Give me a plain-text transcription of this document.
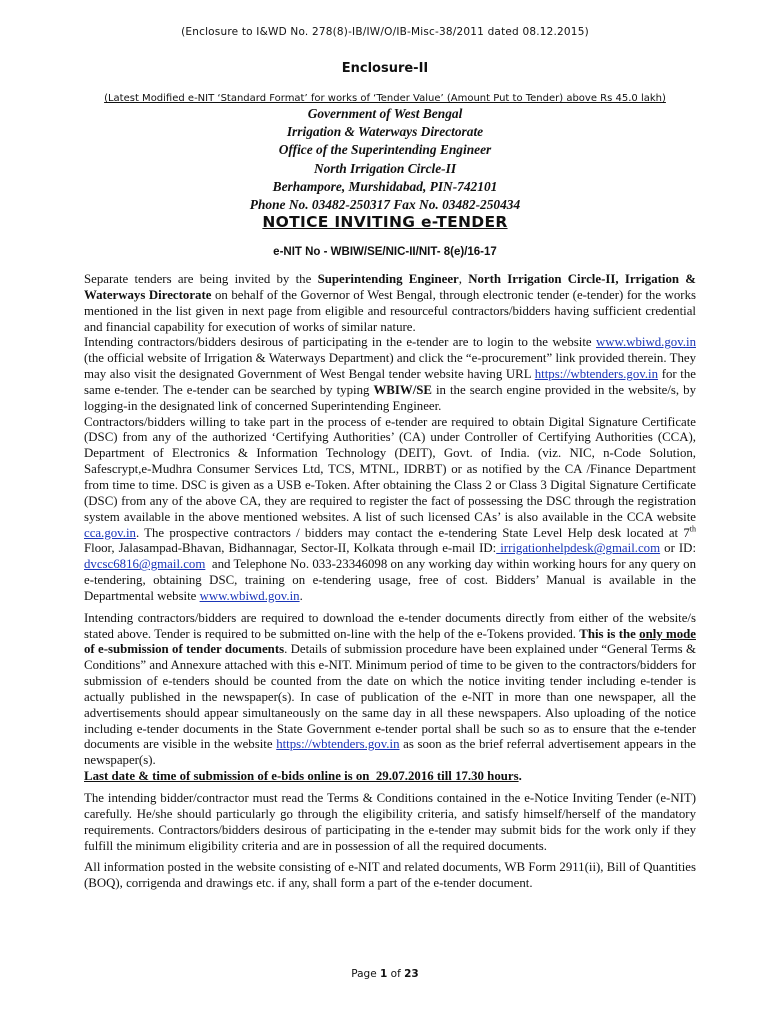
(Enclosure to I&WD No. 278(8)-IB/IW/O/IB-Misc-38/2011 dated 08.12.2015)
Enclosure-II
(Latest Modified e-NIT ‘Standard Format’ for works of ‘Tender Value’ (Amount Put to Tender) above Rs 45.0 lakh)
Government of West Bengal
Irrigation & Waterways Directorate
Office of the Superintending Engineer
North Irrigation Circle-II
Berhampore, Murshidabad, PIN-742101
Phone No. 03482-250317 Fax No. 03482-250434
NOTICE INVITING e-TENDER
e-NIT No - WBIW/SE/NIC-II/NIT- 8(e)/16-17

Separate tenders are being invited by the Superintending Engineer, North Irrigation Circle-II, Irrigation & Waterways Directorate on behalf of the Governor of West Bengal, through electronic tender (e-tender) for the works mentioned in the list given in next page from eligible and resourceful contractors/bidders having sufficient credential and financial capability for execution of works of similar nature.

Intending contractors/bidders desirous of participating in the e-tender are to login to the website www.wbiwd.gov.in   (the official website of Irrigation & Waterways Department) and click the “e-procurement” link provided therein. They may also visit the designated Government of West Bengal tender website having URL https://wbtenders.gov.in for the same e-tender. The e-tender can be searched by typing WBIW/SE in the search engine provided in the website/s, by logging-in the designated link of concerned Superintending Engineer.

Contractors/bidders willing to take part in the process of e-tender are required to obtain Digital Signature Certificate (DSC) from any of the authorized ‘Certifying Authorities’ (CA) under Controller of Certifying Authorities (CCA), Department of Electronics & Information Technology (DEIT), Govt. of India. (viz. NIC, n-Code Solution, Safescrypt,e-Mudhra Consumer Services Ltd, TCS, MTNL, IDRBT) or as notified by the CA /Finance Department from time to time. DSC is given as a USB e-Token. After obtaining the Class 2 or Class 3 Digital Signature Certificate (DSC) from any of the above CA, they are required to register the fact of possessing the DSC through the registration system available in the above mentioned websites. A list of such licensed CAs’ is also available in the CCA website cca.gov.in. The prospective contractors / bidders may contact the e-tendering State Level Help desk located at 7th Floor, Jalasampad-Bhavan, Bidhannagar, Sector-II, Kolkata through e-mail ID: irrigationhelpdesk@gmail.com or ID: dvcsc6816@gmail.com  and Telephone No. 033-23346098 on any working day within working hours for any query on e-tendering, obtaining DSC, training on e-tendering usage, free of cost. Bidders’ Manual is available in the Departmental website www.wbiwd.gov.in.

Intending contractors/bidders are required to download the e-tender documents directly from either of the website/s stated above. Tender is required to be submitted on-line with the help of the e-Tokens provided. This is the only mode of e-submission of tender documents. Details of submission procedure have been explained under “General Terms & Conditions” and Annexure attached with this e-NIT. Minimum period of time to be given to the contractors/bidders for submission of e-tenders should be counted from the date on which the notice inviting tender including e-tender is actually published in the newspaper(s). In case of publication of the e-NIT in more than one newspaper, all the advertisements should appear simultaneously on the same day in all these newspapers. Also uploading of the notice including e-tender documents in the State Government e-tender portal shall be such so as to ensure that the e-tender documents are visible in the website https://wbtenders.gov.in as soon as the brief referral advertisement appears in the newspaper(s).

Last date & time of submission of e-bids online is on  29.07.2016 till 17.30 hours.

The intending bidder/contractor must read the Terms & Conditions contained in the e-Notice Inviting Tender (e-NIT) carefully. He/she should particularly go through the eligibility criteria, and satisfy himself/herself of the mandatory requirements. Contractors/bidders desirous of participating in the e-tender may submit bids for the work only if they fulfill the minimum eligibility criteria and are in possession of all the required documents.

All information posted in the website consisting of e-NIT and related documents, WB Form 2911(ii), Bill of Quantities (BOQ), corrigenda and drawings etc. if any, shall form a part of the e-tender document.

Page 1 of 23
